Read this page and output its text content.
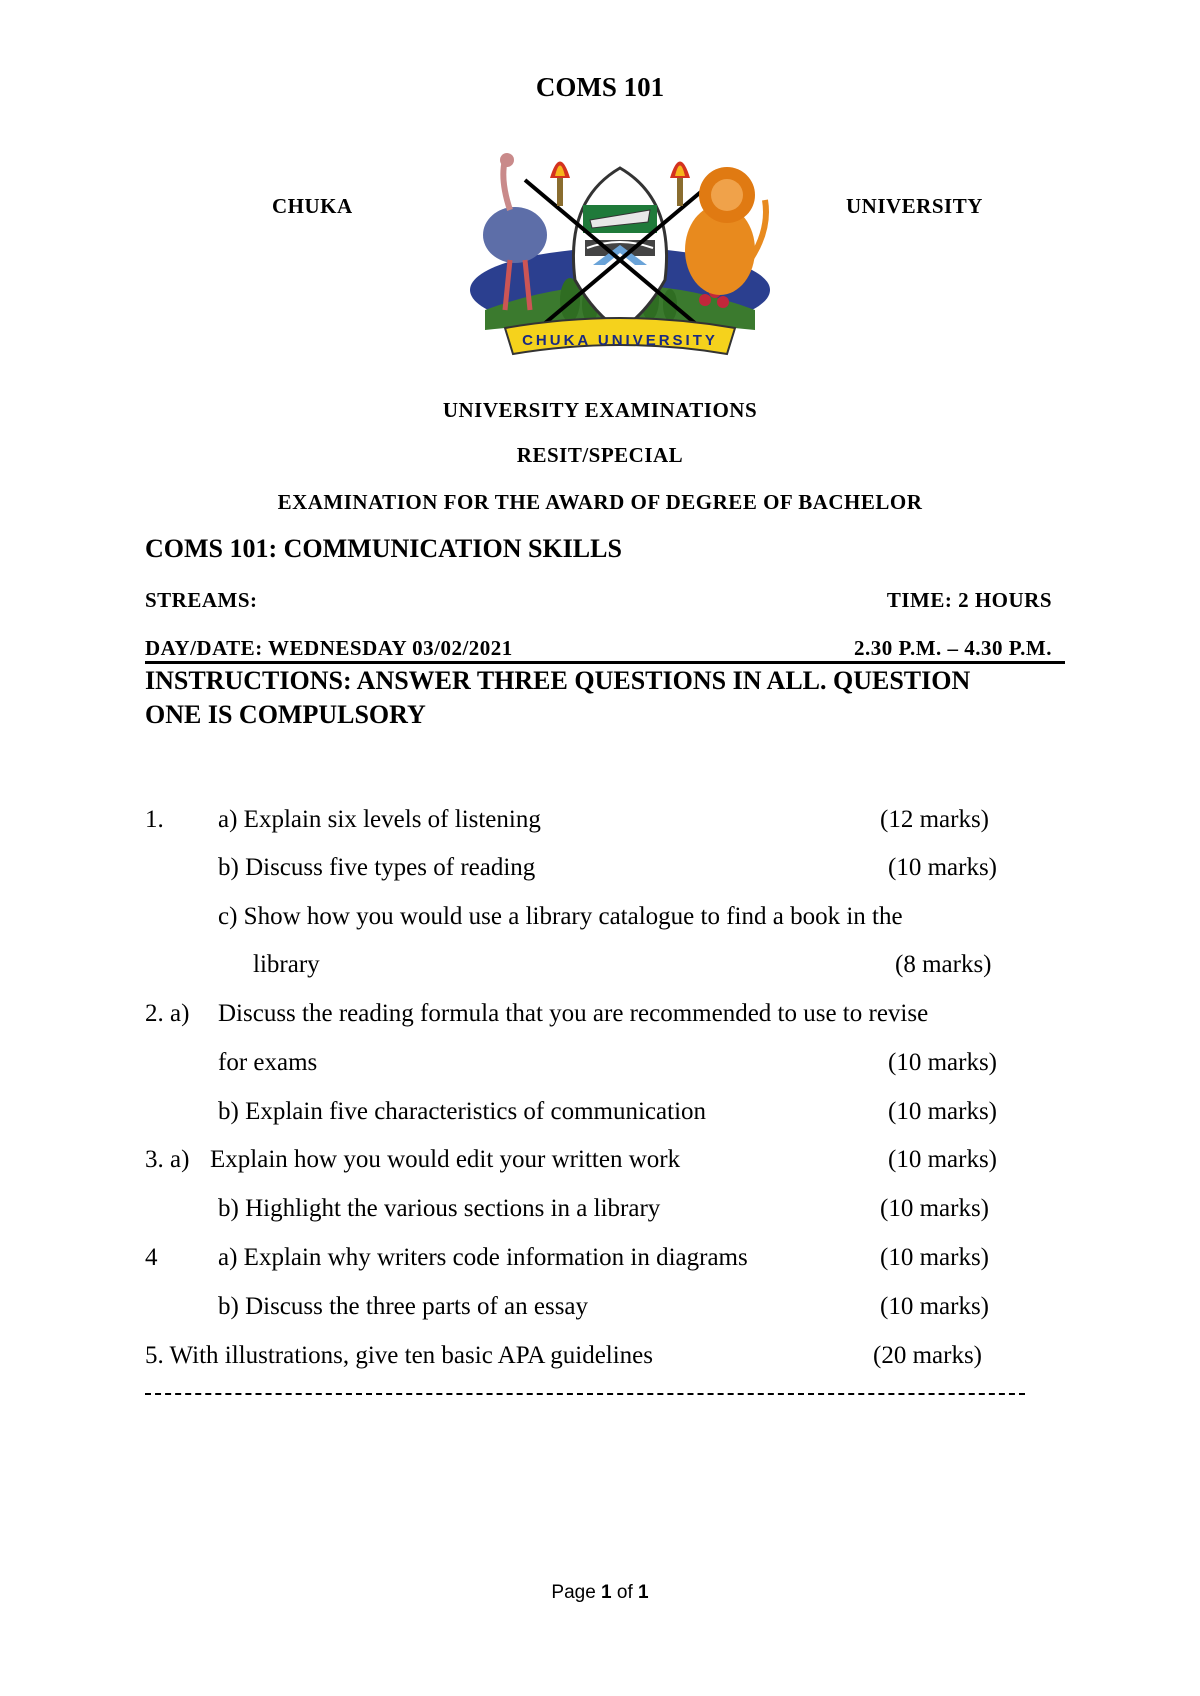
COMS 101
CHUKA	UNIVERSITY
CHUKA UNIVERSITY
UNIVERSITY EXAMINATIONS
RESIT/SPECIAL
EXAMINATION FOR THE AWARD OF DEGREE OF BACHELOR
COMS 101: COMMUNICATION SKILLS
STREAMS:	TIME: 2 HOURS
DAY/DATE: WEDNESDAY 03/02/2021	2.30 P.M. – 4.30 P.M.
INSTRUCTIONS: ANSWER THREE QUESTIONS IN ALL. QUESTION
ONE IS COMPULSORY
1. a) Explain six levels of listening	(12 marks)
b) Discuss five types of reading	(10 marks)
c) Show how you would use a library catalogue to find a book in the
library	(8 marks)
2. a) Discuss the reading formula that you are recommended to use to revise
for exams	(10 marks)
b) Explain five characteristics of communication	(10 marks)
3. a) Explain how you would edit your written work	(10 marks)
b) Highlight the various sections in a library	(10 marks)
4 a) Explain why writers code information in diagrams	(10 marks)
b) Discuss the three parts of an essay	(10 marks)
5. With illustrations, give ten basic APA guidelines	(20 marks)
Page 1 of 1
